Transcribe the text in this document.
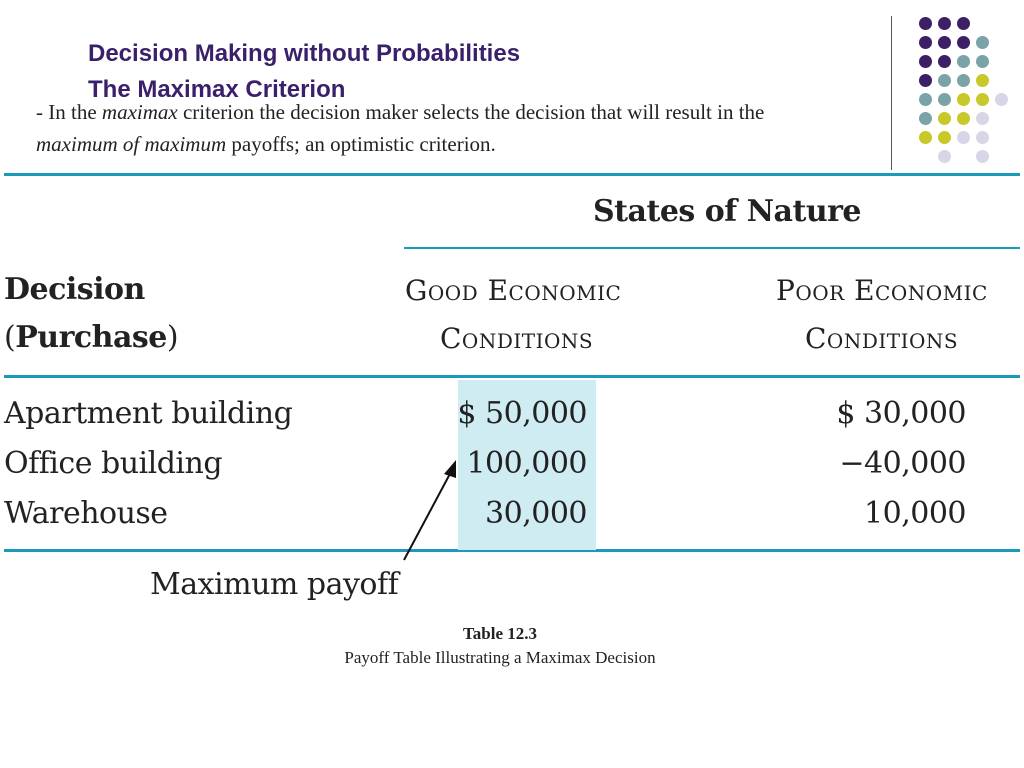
Decision Making without Probabilities
The Maximax Criterion
- In the maximax criterion the decision maker selects the decision that will result in the
maximum of maximum payoffs; an optimistic criterion.
States of Nature
Decision
(Purchase)
Good Economic
Conditions
Poor Economic
Conditions
Apartment building	$ 50,000	$ 30,000
Office building	100,000	−40,000
Warehouse	30,000	10,000
Maximum payoff
Table 12.3
Payoff Table Illustrating a Maximax Decision
